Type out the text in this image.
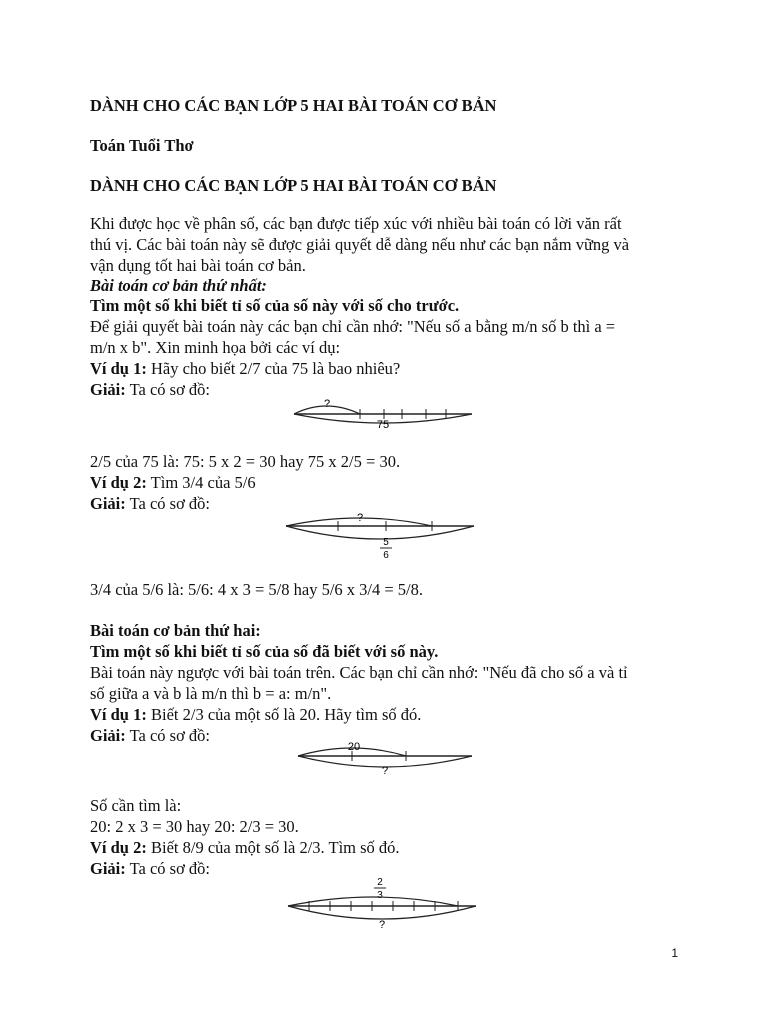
DÀNH CHO CÁC BẠN LỚP 5 HAI BÀI TOÁN CƠ BẢN
Toán Tuổi Thơ
DÀNH CHO CÁC BẠN LỚP 5 HAI BÀI TOÁN CƠ BẢN
Khi được học về phân số, các bạn được tiếp xúc với nhiều bài toán có lời văn rất
thú vị. Các bài toán này sẽ được giải quyết dễ dàng nếu như các bạn nắm vững và
vận dụng tốt hai bài toán cơ bản.
Bài toán cơ bản thứ nhất:
Tìm một số khi biết tỉ số của số này với số cho trước.
Để giải quyết bài toán này các bạn chỉ cần nhớ: "Nếu số a bằng m/n số b thì a =
m/n x b". Xin minh họa bởi các ví dụ:
Ví dụ 1: Hãy cho biết 2/7 của 75 là bao nhiêu?
Giải: Ta có sơ đồ:
?
75
2/5 của 75 là: 75: 5 x 2 = 30 hay 75 x 2/5 = 30.
Ví dụ 2: Tìm 3/4 của 5/6
Giải: Ta có sơ đồ:
?
5
6
3/4 của 5/6 là: 5/6: 4 x 3 = 5/8 hay 5/6 x 3/4 = 5/8.
Bài toán cơ bản thứ hai:
Tìm một số khi biết tỉ số của số đã biết với số này.
Bài toán này ngược với bài toán trên. Các bạn chỉ cần nhớ: "Nếu đã cho số a và tỉ
số giữa a và b là m/n thì b = a: m/n".
Ví dụ 1: Biết 2/3 của một số là 20. Hãy tìm số đó.
Giải: Ta có sơ đồ:
20
?
Số cần tìm là:
20: 2 x 3 = 30 hay 20: 2/3 = 30.
Ví dụ 2: Biết 8/9 của một số là 2/3. Tìm số đó.
Giải: Ta có sơ đồ:
2
3
?
1
